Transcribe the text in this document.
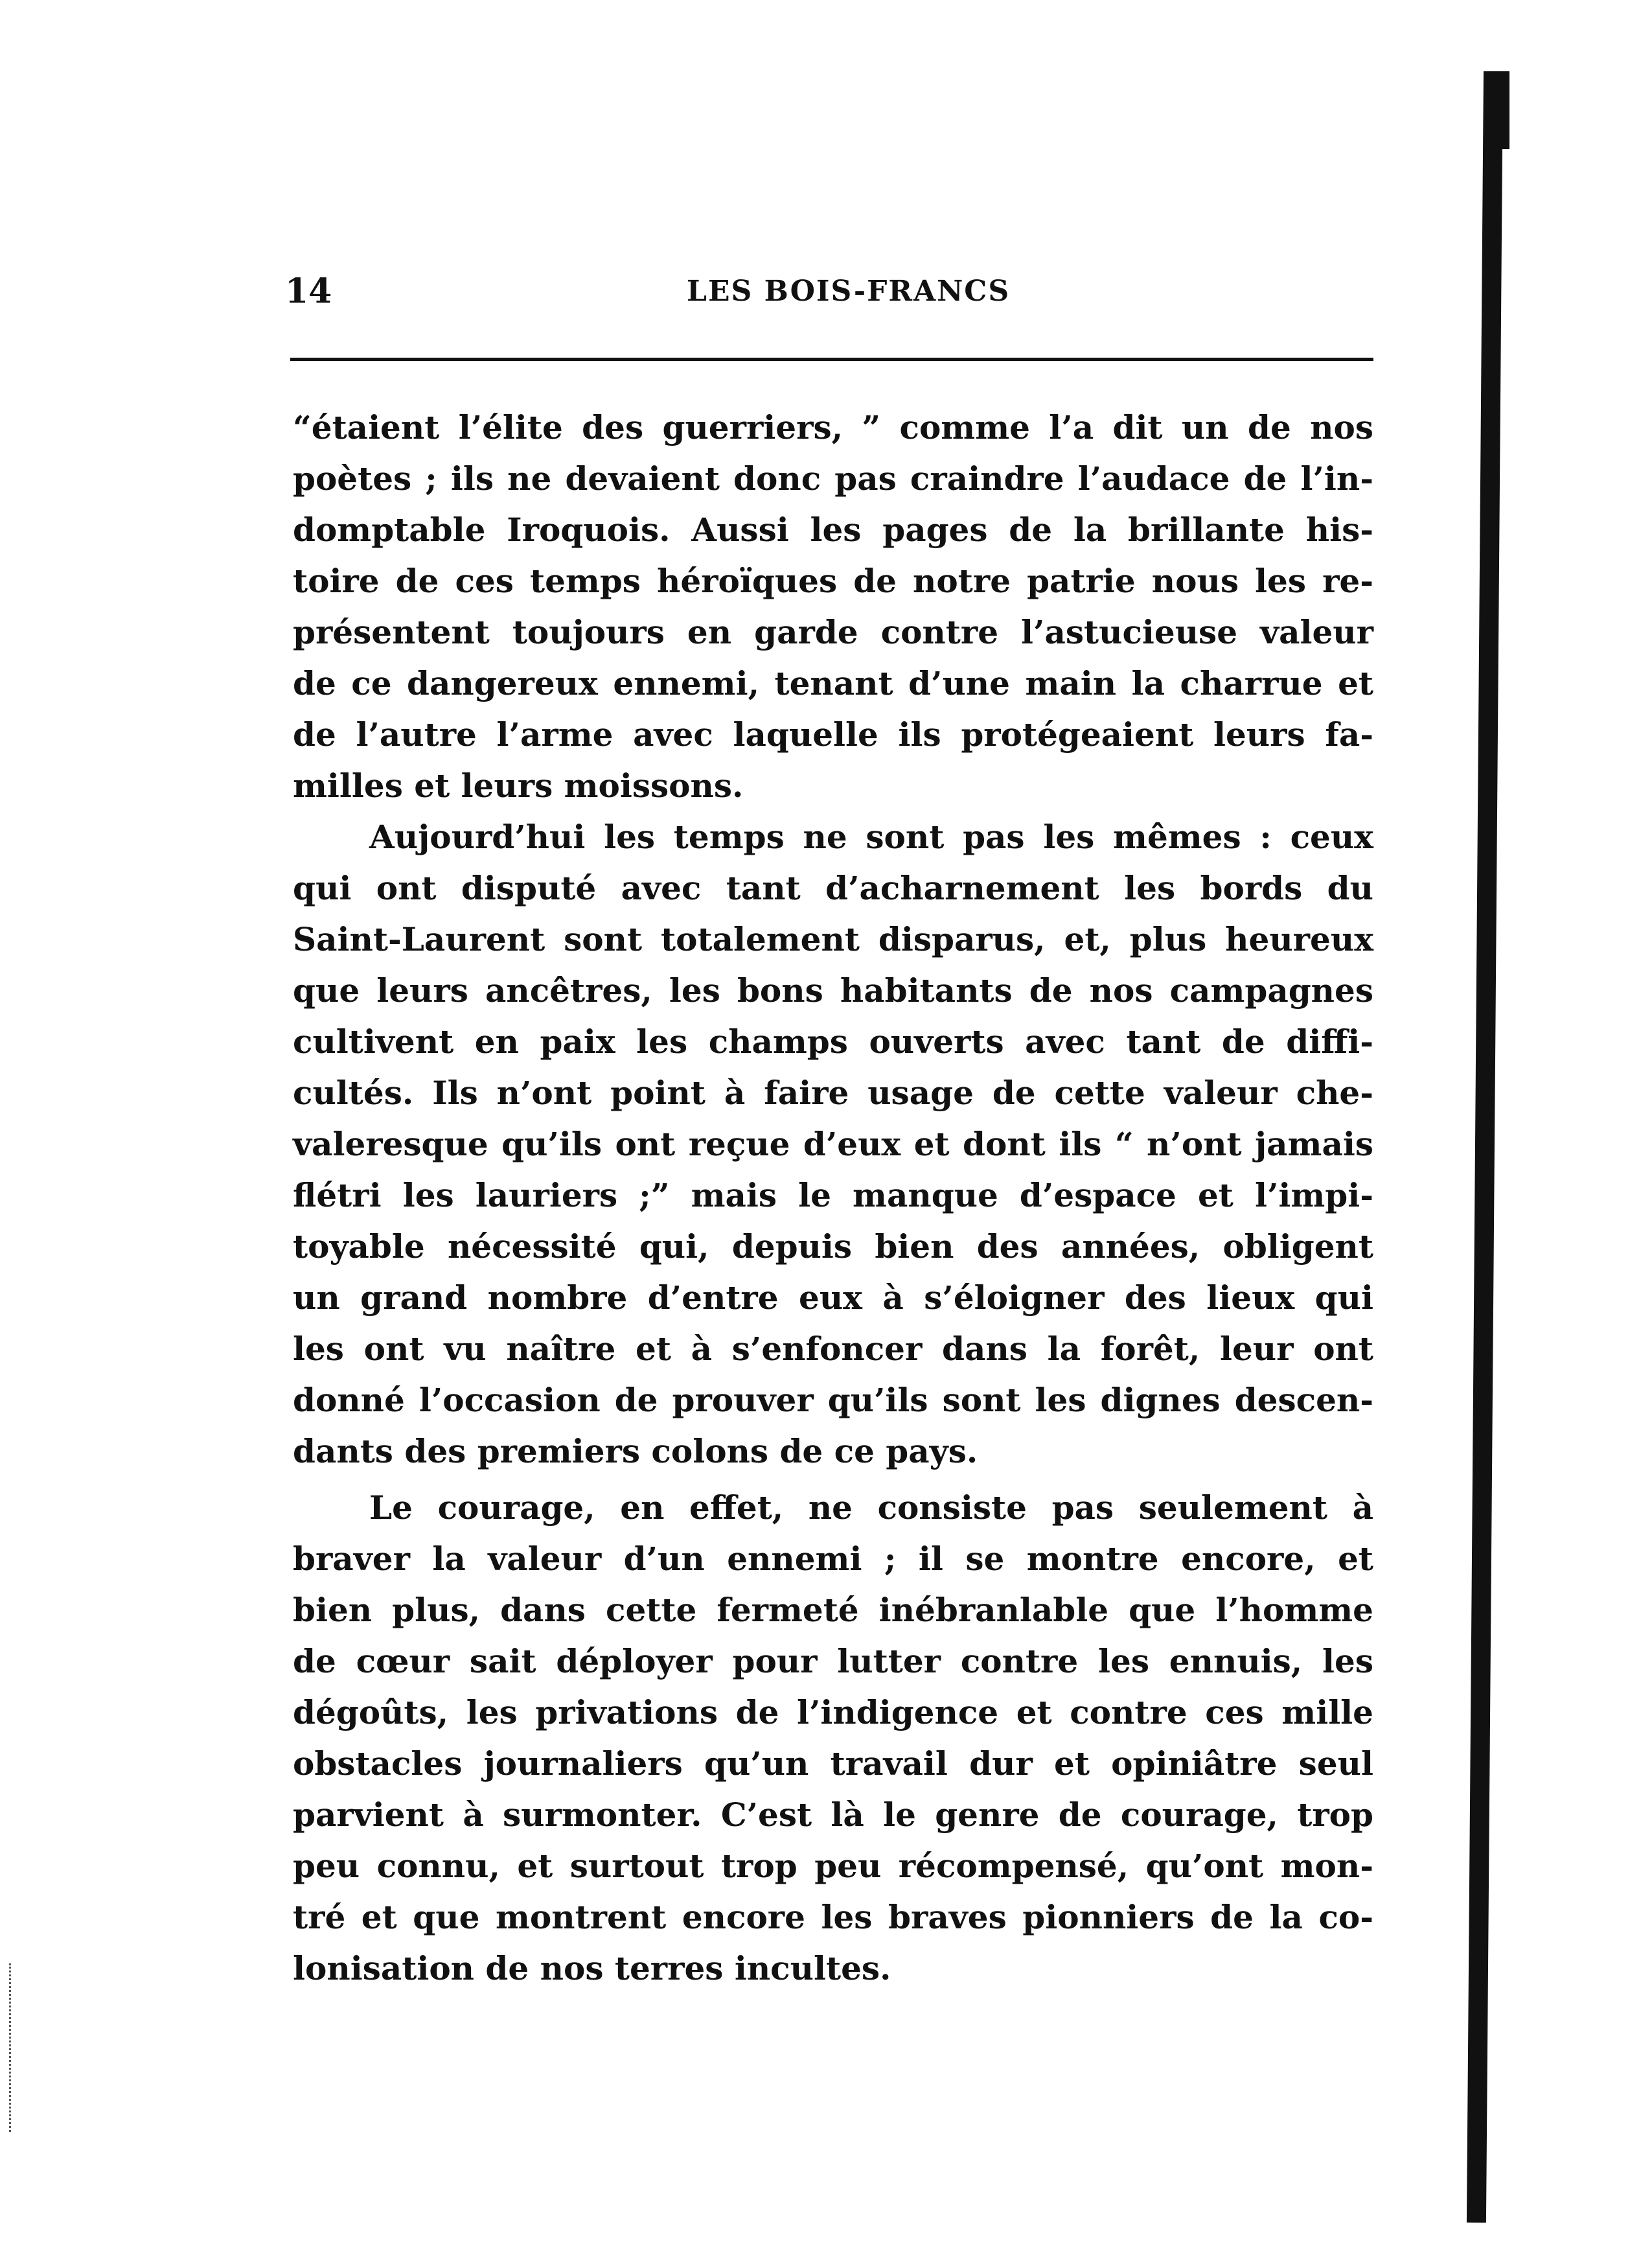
14	LES BOIS-FRANCS
“étaient l’élite des guerriers, ” comme l’a dit un de nos
poètes ; ils ne devaient donc pas craindre l’audace de l’in-
domptable Iroquois. Aussi les pages de la brillante his-
toire de ces temps héroïques de notre patrie nous les re-
présentent toujours en garde contre l’astucieuse valeur
de ce dangereux ennemi, tenant d’une main la charrue et
de l’autre l’arme avec laquelle ils protégeaient leurs fa-
milles et leurs moissons.
Aujourd’hui les temps ne sont pas les mêmes : ceux
qui ont disputé avec tant d’acharnement les bords du
Saint-Laurent sont totalement disparus, et, plus heureux
que leurs ancêtres, les bons habitants de nos campagnes
cultivent en paix les champs ouverts avec tant de diffi-
cultés. Ils n’ont point à faire usage de cette valeur che-
valeresque qu’ils ont reçue d’eux et dont ils “ n’ont jamais
flétri les lauriers ;” mais le manque d’espace et l’impi-
toyable nécessité qui, depuis bien des années, obligent
un grand nombre d’entre eux à s’éloigner des lieux qui
les ont vu naître et à s’enfoncer dans la forêt, leur ont
donné l’occasion de prouver qu’ils sont les dignes descen-
dants des premiers colons de ce pays.
Le courage, en effet, ne consiste pas seulement à
braver la valeur d’un ennemi ; il se montre encore, et
bien plus, dans cette fermeté inébranlable que l’homme
de cœur sait déployer pour lutter contre les ennuis, les
dégoûts, les privations de l’indigence et contre ces mille
obstacles journaliers qu’un travail dur et opiniâtre seul
parvient à surmonter. C’est là le genre de courage, trop
peu connu, et surtout trop peu récompensé, qu’ont mon-
tré et que montrent encore les braves pionniers de la co-
lonisation de nos terres incultes.
